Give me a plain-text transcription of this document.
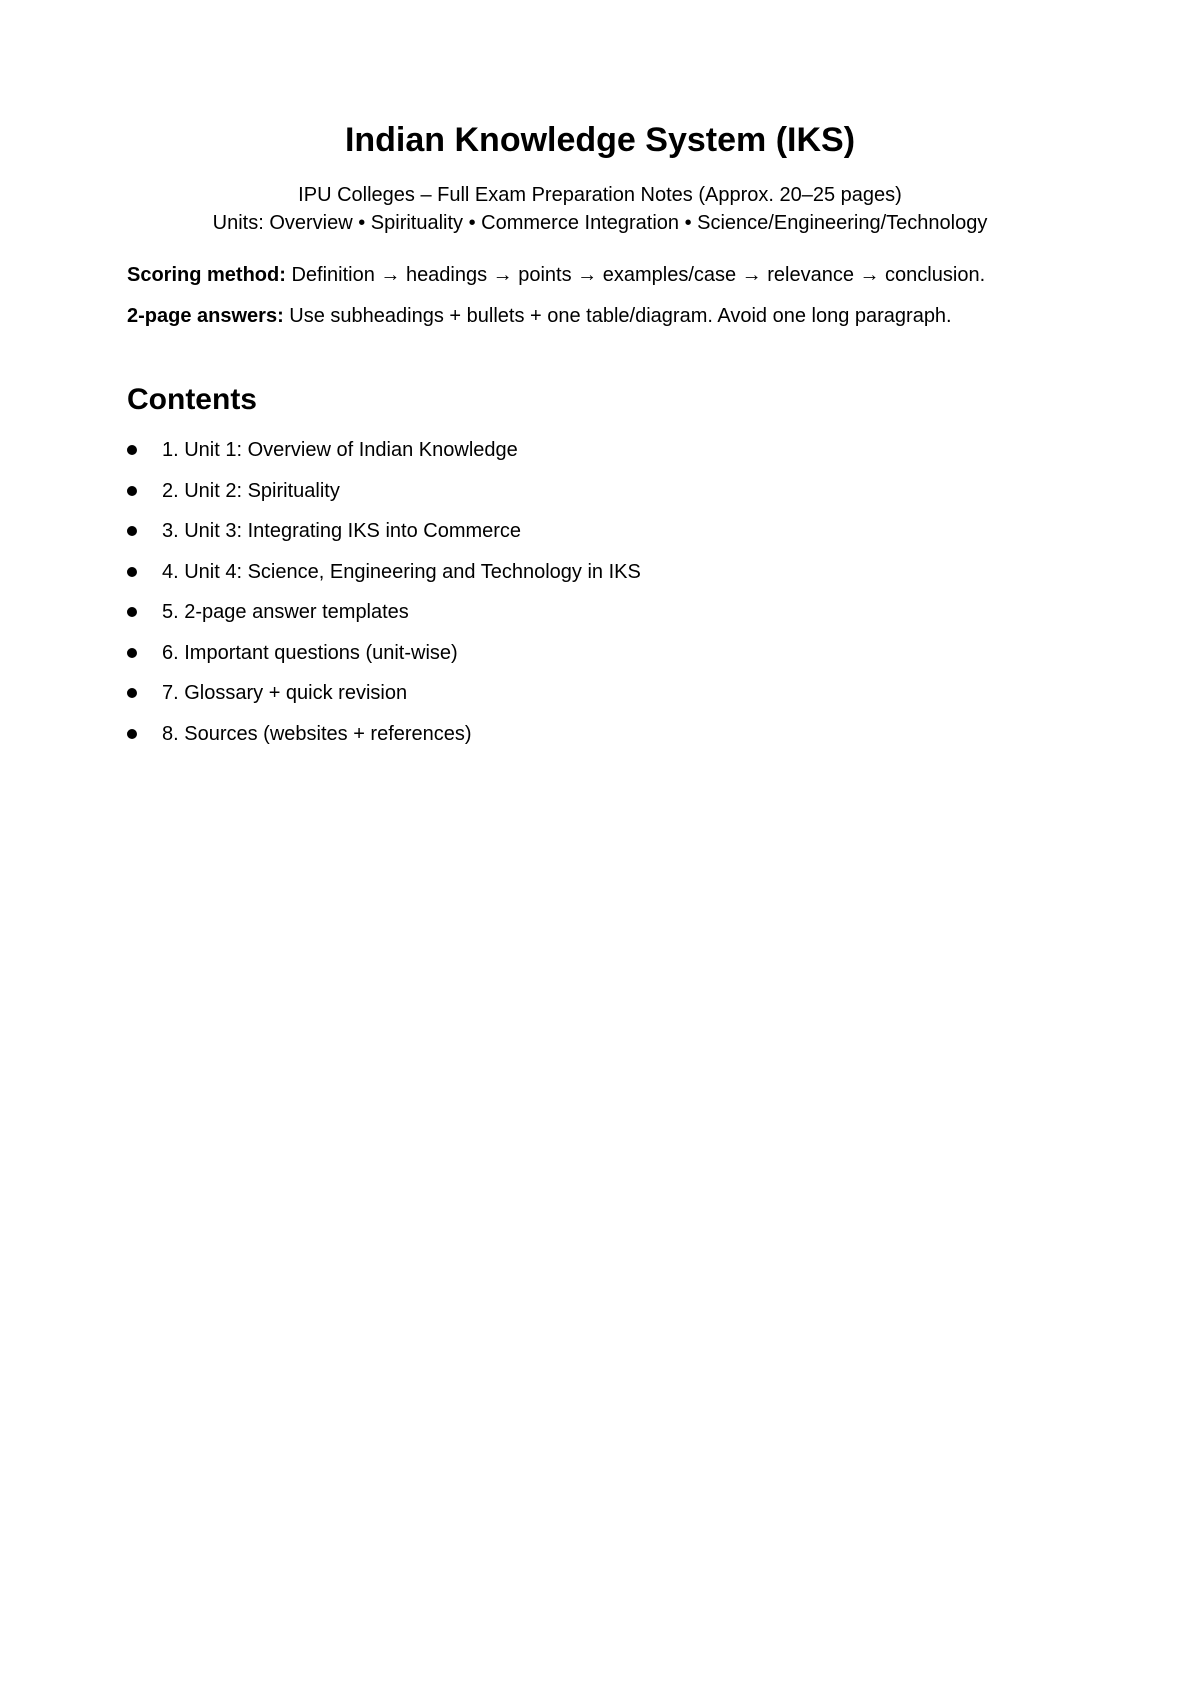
Indian Knowledge System (IKS)

IPU Colleges – Full Exam Preparation Notes (Approx. 20–25 pages)

Units: Overview • Spirituality • Commerce Integration • Science/Engineering/Technology

Scoring method: Definition → headings → points → examples/case → relevance → conclusion.

2-page answers: Use subheadings + bullets + one table/diagram. Avoid one long paragraph.

Contents
1. Unit 1: Overview of Indian Knowledge
2. Unit 2: Spirituality
3. Unit 3: Integrating IKS into Commerce
4. Unit 4: Science, Engineering and Technology in IKS
5. 2-page answer templates
6. Important questions (unit-wise)
7. Glossary + quick revision
8. Sources (websites + references)
